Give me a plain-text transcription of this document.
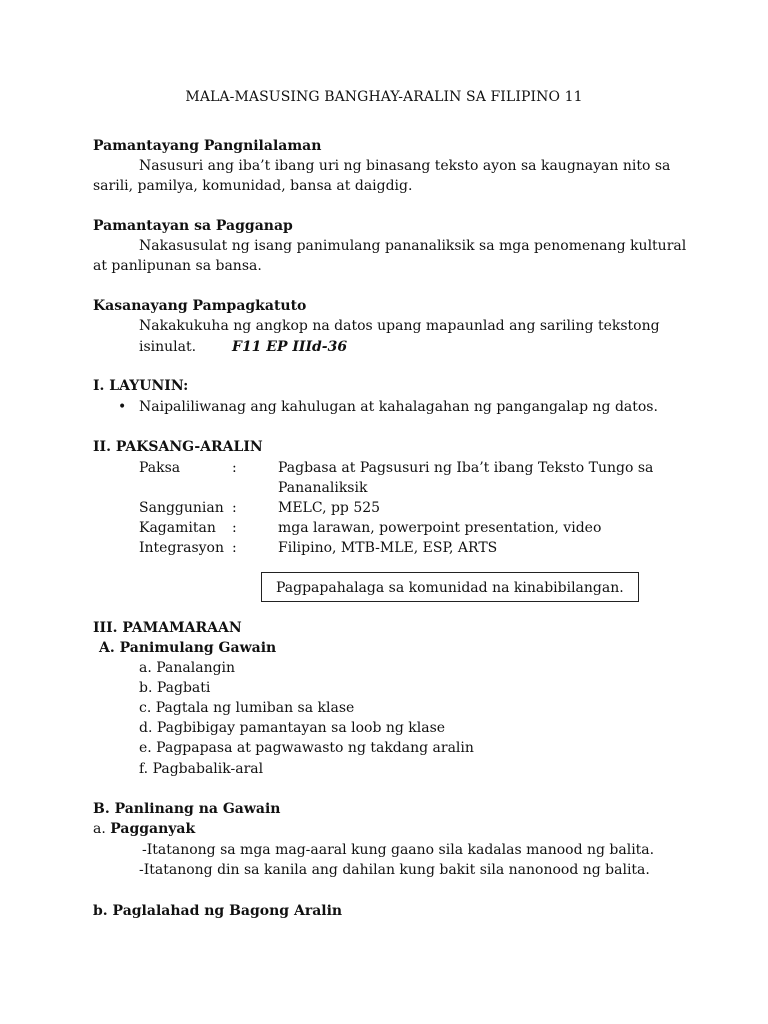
MALA-MASUSING BANGHAY-ARALIN SA FILIPINO 11
Pamantayang Pangnilalaman
Nasusuri ang iba’t ibang uri ng binasang teksto ayon sa kaugnayan nito sa
sarili, pamilya, komunidad, bansa at daigdig.
Pamantayan sa Pagganap
Nakasusulat ng isang panimulang pananaliksik sa mga penomenang kultural
at panlipunan sa bansa.
Kasanayang Pampagkatuto
Nakakukuha ng angkop na datos upang mapaunlad ang sariling tekstong
isinulat.	F11 EP IIId-36
I. LAYUNIN:
• Naipaliliwanag ang kahulugan at kahalagahan ng pangangalap ng datos.
II. PAKSANG-ARALIN
Paksa	:	Pagbasa at Pagsusuri ng Iba’t ibang Teksto Tungo sa
Pananaliksik
Sanggunian :	MELC, pp 525
Kagamitan :	mga larawan, powerpoint presentation, video
Integrasyon :	Filipino, MTB-MLE, ESP, ARTS
Pagpapahalaga sa komunidad na kinabibilangan.
III. PAMAMARAAN
A. Panimulang Gawain
a. Panalangin
b. Pagbati
c. Pagtala ng lumiban sa klase
d. Pagbibigay pamantayan sa loob ng klase
e. Pagpapasa at pagwawasto ng takdang aralin
f. Pagbabalik-aral
B. Panlinang na Gawain
a. Pagganyak
-Itatanong sa mga mag-aaral kung gaano sila kadalas manood ng balita.
-Itatanong din sa kanila ang dahilan kung bakit sila nanonood ng balita.
b. Paglalahad ng Bagong Aralin
